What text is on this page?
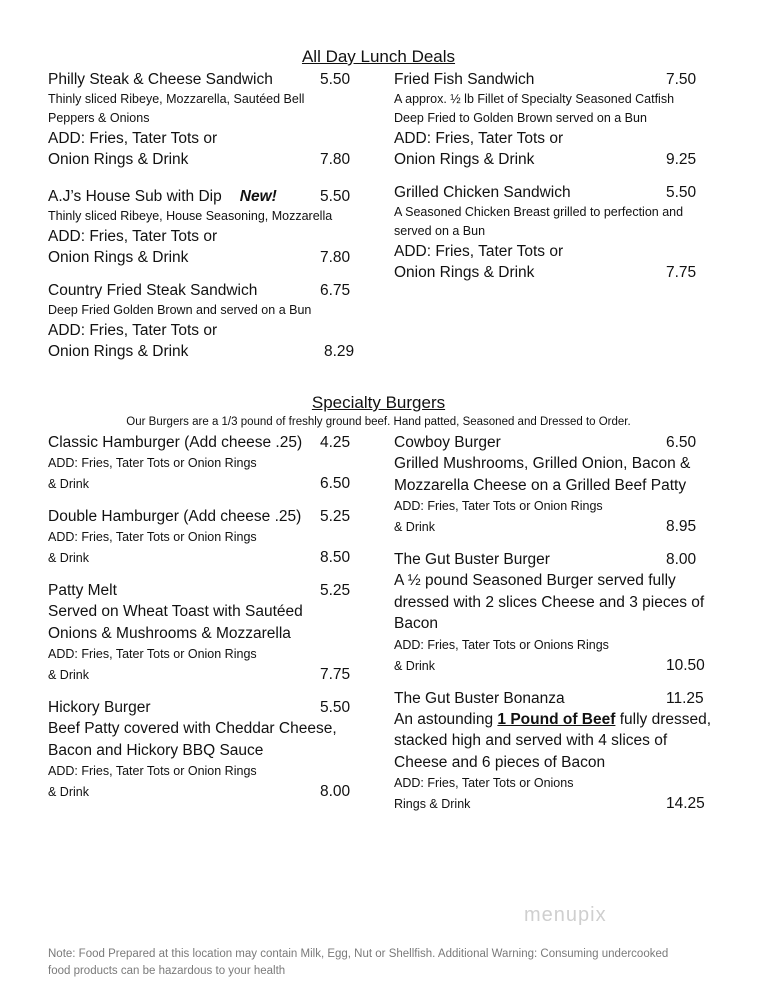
All Day Lunch Deals
Philly Steak & Cheese Sandwich	5.50
Thinly sliced Ribeye, Mozzarella, Sautéed Bell
Peppers & Onions
ADD: Fries, Tater Tots or
Onion Rings & Drink	7.80
A.J’s House Sub with Dip New!	5.50
Thinly sliced Ribeye, House Seasoning, Mozzarella
ADD: Fries, Tater Tots or
Onion Rings & Drink	7.80
Country Fried Steak Sandwich	6.75
Deep Fried Golden Brown and served on a Bun
ADD: Fries, Tater Tots or
Onion Rings & Drink	8.29
Fried Fish Sandwich	7.50
A approx. ½ lb Fillet of Specialty Seasoned Catfish
Deep Fried to Golden Brown served on a Bun
ADD: Fries, Tater Tots or
Onion Rings & Drink	9.25
Grilled Chicken Sandwich	5.50
A Seasoned Chicken Breast grilled to perfection and
served on a Bun
ADD: Fries, Tater Tots or
Onion Rings & Drink	7.75
Specialty Burgers
Our Burgers are a 1/3 pound of freshly ground beef. Hand patted, Seasoned and Dressed to Order.
Classic Hamburger (Add cheese .25) 4.25
ADD: Fries, Tater Tots or Onion Rings
& Drink	6.50
Double Hamburger (Add cheese .25) 5.25
ADD: Fries, Tater Tots or Onion Rings
& Drink	8.50
Patty Melt	5.25
Served on Wheat Toast with Sautéed
Onions & Mushrooms & Mozzarella
ADD: Fries, Tater Tots or Onion Rings
& Drink	7.75
Hickory Burger	5.50
Beef Patty covered with Cheddar Cheese,
Bacon and Hickory BBQ Sauce
ADD: Fries, Tater Tots or Onion Rings
& Drink	8.00
Cowboy Burger	6.50
Grilled Mushrooms, Grilled Onion, Bacon &
Mozzarella Cheese on a Grilled Beef Patty
ADD: Fries, Tater Tots or Onion Rings
& Drink	8.95
The Gut Buster Burger	8.00
A ½ pound Seasoned Burger served fully
dressed with 2 slices Cheese and 3 pieces of
Bacon
ADD: Fries, Tater Tots or Onions Rings
& Drink	10.50
The Gut Buster Bonanza	11.25
An astounding 1 Pound of Beef fully dressed,
stacked high and served with 4 slices of
Cheese and 6 pieces of Bacon
ADD: Fries, Tater Tots or Onions
Rings & Drink	14.25
menupix
Note: Food Prepared at this location may contain Milk, Egg, Nut or Shellfish. Additional Warning: Consuming undercooked food products can be hazardous to your health
